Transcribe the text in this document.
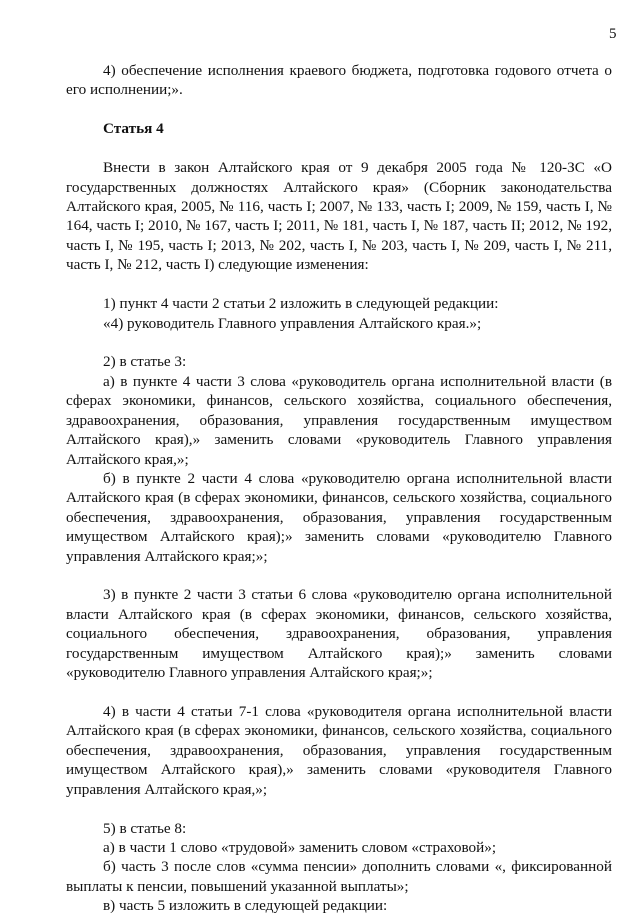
5

4) обеспечение исполнения краевого бюджета, подготовка годового отчета о его исполнении;».

Статья 4

Внести в закон Алтайского края от 9 декабря 2005 года № 120-ЗС «О государственных должностях Алтайского края» (Сборник законодательства Алтайского края, 2005, № 116, часть I; 2007, № 133, часть I; 2009, № 159, часть I, № 164, часть I; 2010, № 167, часть I; 2011, № 181, часть I, № 187, часть II; 2012, № 192, часть I, № 195, часть I; 2013, № 202, часть I, № 203, часть I, № 209, часть I, № 211, часть I, № 212, часть I) следующие изменения:

1) пункт 4 части 2 статьи 2 изложить в следующей редакции:

«4) руководитель Главного управления Алтайского края.»;

2) в статье 3:

а) в пункте 4 части 3 слова «руководитель органа исполнительной власти (в сферах экономики, финансов, сельского хозяйства, социального обеспечения, здравоохранения, образования, управления государственным имуществом Алтайского края),» заменить словами «руководитель Главного управления Алтайского края,»;

б) в пункте 2 части 4 слова «руководителю органа исполнительной власти Алтайского края (в сферах экономики, финансов, сельского хозяйства, социального обеспечения, здравоохранения, образования, управления государственным имуществом Алтайского края);» заменить словами «руководителю Главного управления Алтайского края;»;

3) в пункте 2 части 3 статьи 6 слова «руководителю органа исполнительной власти Алтайского края (в сферах экономики, финансов, сельского хозяйства, социального обеспечения, здравоохранения, образования, управления государственным имуществом Алтайского края);» заменить словами «руководителю Главного управления Алтайского края;»;

4) в части 4 статьи 7-1 слова «руководителя органа исполнительной власти Алтайского края (в сферах экономики, финансов, сельского хозяйства, социального обеспечения, здравоохранения, образования, управления государственным имуществом Алтайского края),» заменить словами «руководителя Главного управления Алтайского края,»;

5) в статье 8:

а) в части 1 слово «трудовой» заменить словом «страховой»;

б) часть 3 после слов «сумма пенсии» дополнить словами «, фиксированной выплаты к пенсии, повышений указанной выплаты»;

в) часть 5 изложить в следующей редакции:
